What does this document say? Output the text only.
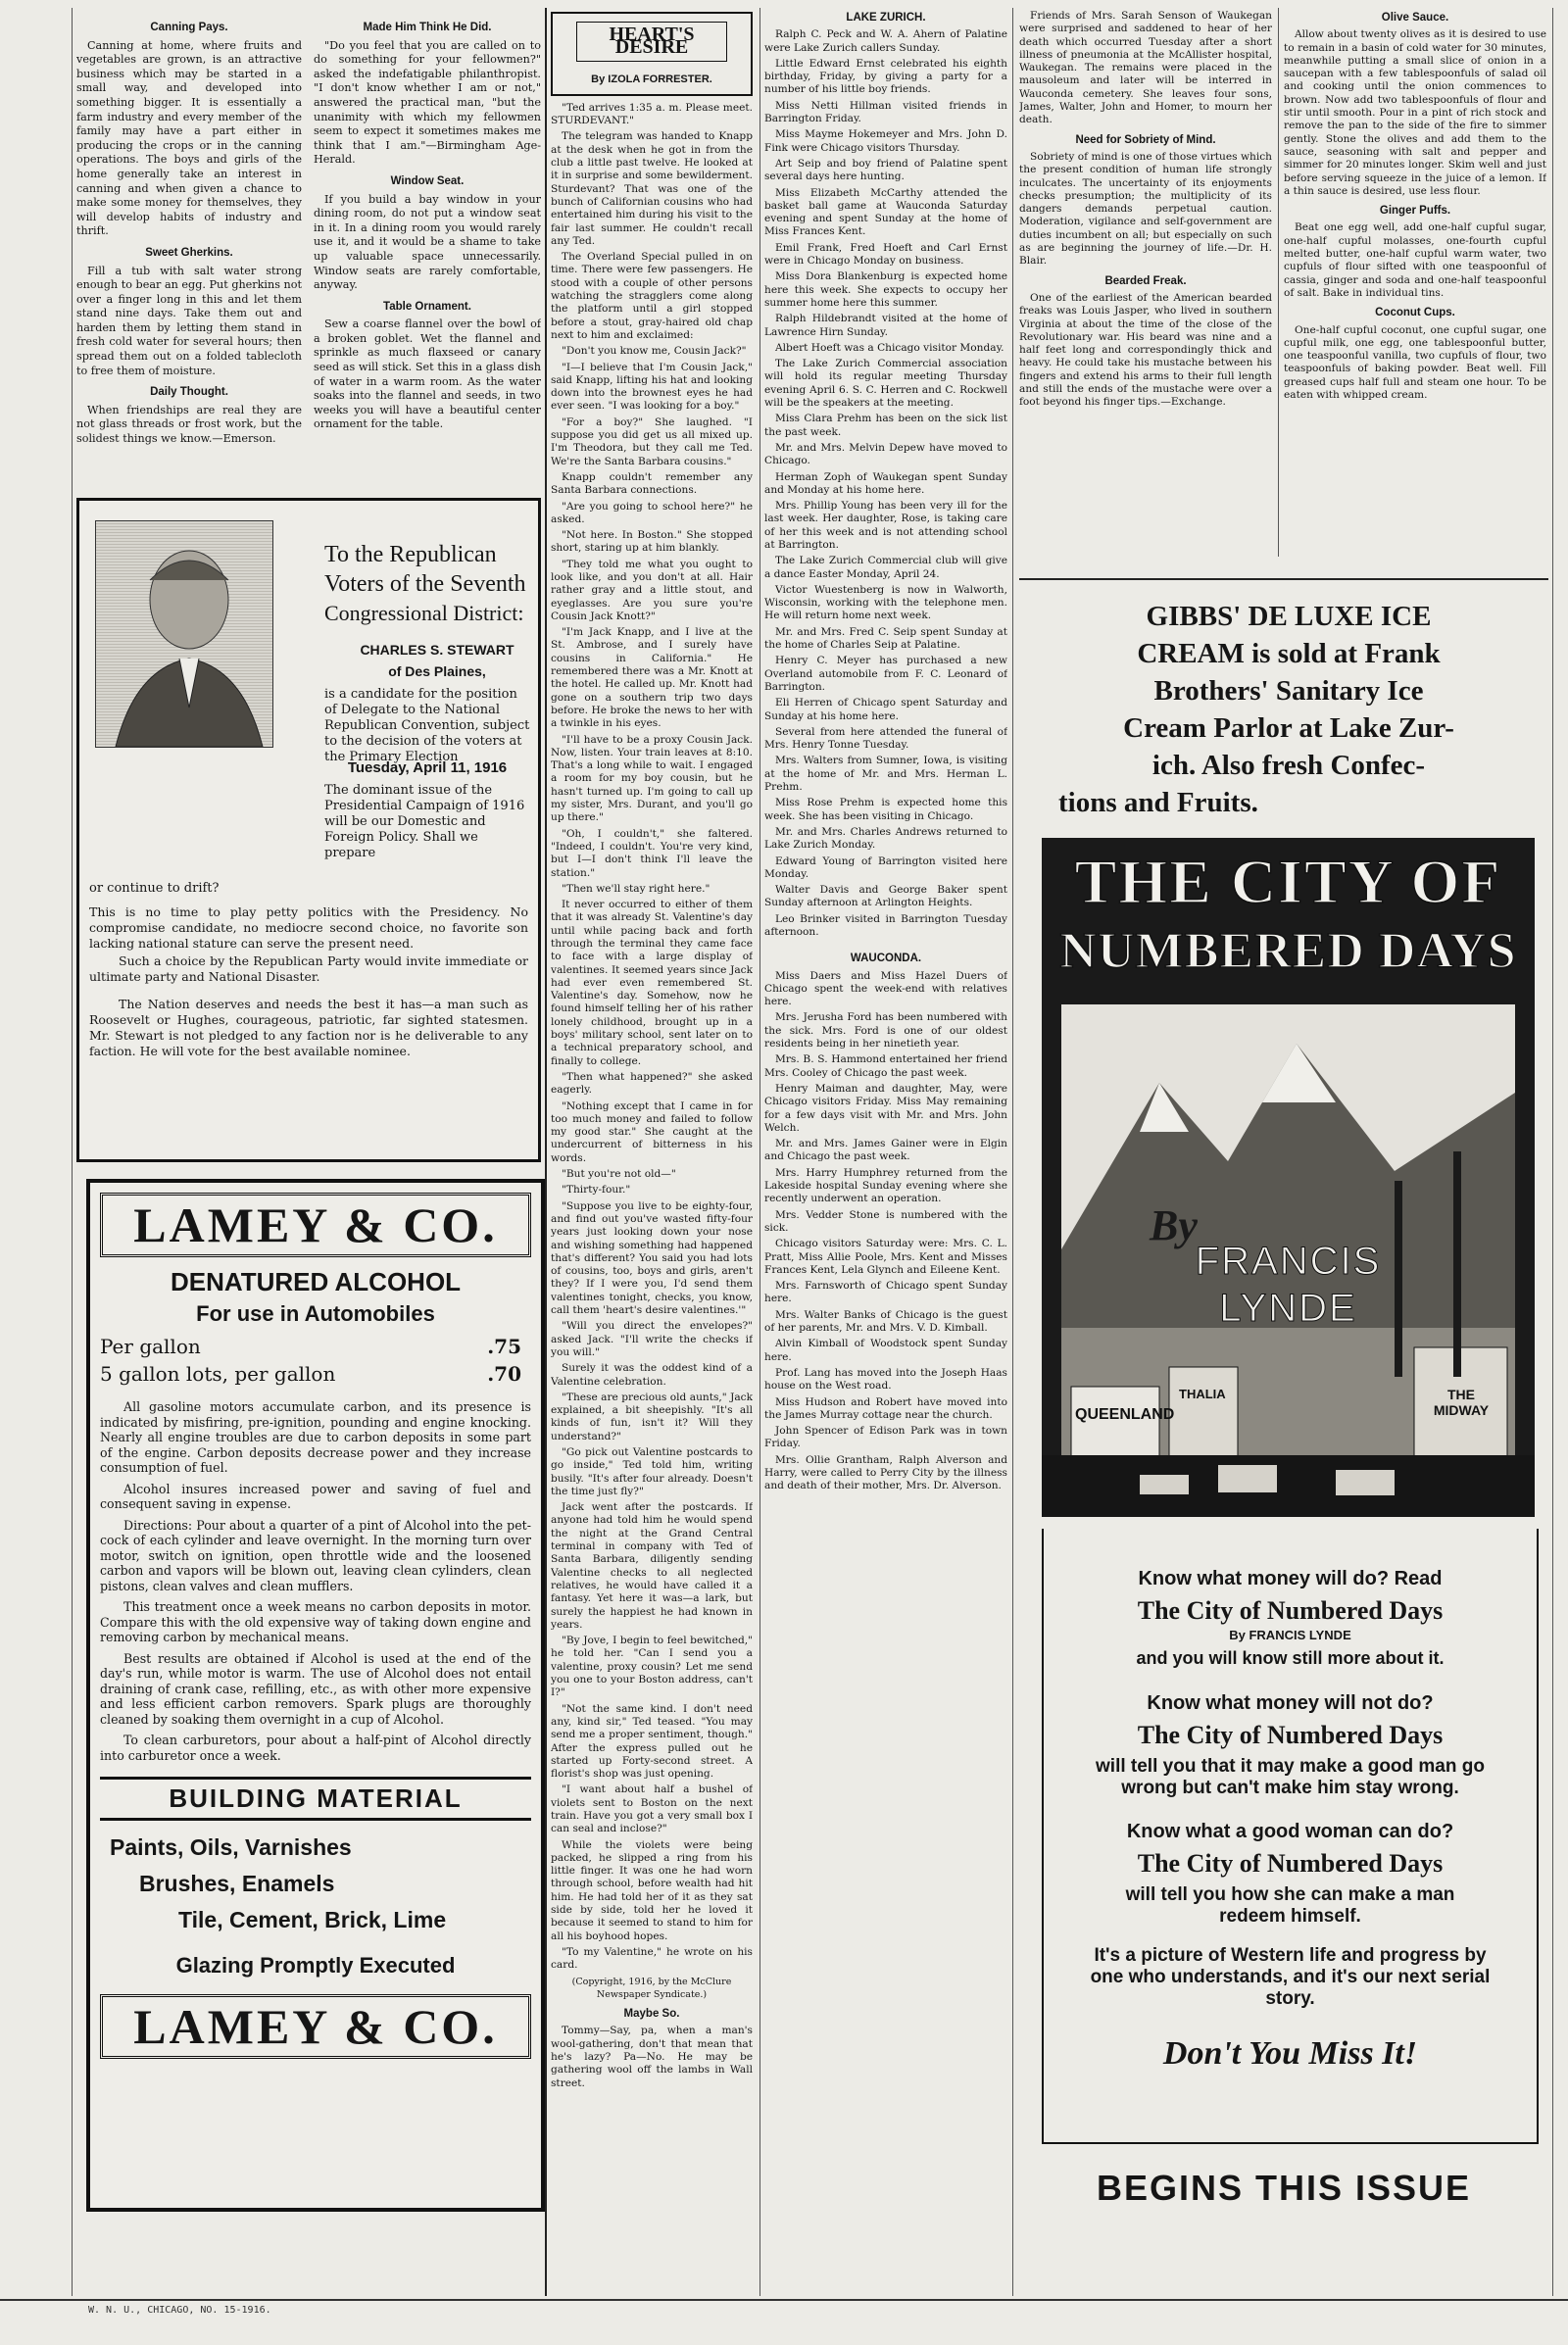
Canning Pays.

Canning at home, where fruits and vegetables are grown, is an attractive business which may be started in a small way, and developed into something bigger. It is essentially a farm industry and every member of the family may have a part either in producing the crops or in the canning operations. The boys and girls of the home generally take an interest in canning and when given a chance to make some money for themselves, they will develop habits of industry and thrift.

Sweet Gherkins.

Fill a tub with salt water strong enough to bear an egg. Put gherkins not over a finger long in this and let them stand nine days. Take them out and harden them by letting them stand in fresh cold water for several hours; then spread them out on a folded tablecloth to free them of moisture.

Daily Thought.

When friendships are real they are not glass threads or frost work, but the solidest things we know.—Emerson.

Made Him Think He Did.

"Do you feel that you are called on to do something for your fellowmen?" asked the indefatigable philanthropist. "I don't know whether I am or not," answered the practical man, "but the unanimity with which my fellowmen seem to expect it sometimes makes me think that I am."—Birmingham Age-Herald.

Window Seat.

If you build a bay window in your dining room, do not put a window seat in it. In a dining room you would rarely use it, and it would be a shame to take up valuable space unnecessarily. Window seats are rarely comfortable, anyway.

Table Ornament.

Sew a coarse flannel over the bowl of a broken goblet. Wet the flannel and sprinkle as much flaxseed or canary seed as will stick. Set this in a glass dish of water in a warm room. As the water soaks into the flannel and seeds, in two weeks you will have a beautiful center ornament for the table.

To the Republican
Voters of the Seventh
Congressional District:
CHARLES S. STEWART
of Des Plaines,
is a candidate for the position of Delegate to the National Republican Convention, subject to the decision of the voters at the Primary Election
Tuesday, April 11, 1916
The dominant issue of the Presidential Campaign of 1916 will be our Domestic and Foreign Policy. Shall we prepare
or continue to drift?
This is no time to play petty politics with the Presidency. No compromise candidate, no mediocre second choice, no favorite son lacking national stature can serve the present need.
Such a choice by the Republican Party would invite immediate or ultimate party and National Disaster.
The Nation deserves and needs the best it has—a man such as Roosevelt or Hughes, courageous, patriotic, far sighted statesmen. Mr. Stewart is not pledged to any faction nor is he deliverable to any faction. He will vote for the best available nominee.
LAMEY & CO.
DENATURED ALCOHOL
For use in Automobiles
Per gallon	.75
5 gallon lots, per gallon	.70

All gasoline motors accumulate carbon, and its presence is indicated by misfiring, pre-ignition, pounding and engine knocking. Nearly all engine troubles are due to carbon deposits in some part of the engine. Carbon deposits decrease power and they increase consumption of fuel.

Alcohol insures increased power and saving of fuel and consequent saving in expense.

Directions: Pour about a quarter of a pint of Alcohol into the pet-cock of each cylinder and leave overnight. In the morning turn over motor, switch on ignition, open throttle wide and the loosened carbon and vapors will be blown out, leaving clean cylinders, clean pistons, clean valves and clean mufflers.

This treatment once a week means no carbon deposits in motor. Compare this with the old expensive way of taking down engine and removing carbon by mechanical means.

Best results are obtained if Alcohol is used at the end of the day's run, while motor is warm. The use of Alcohol does not entail draining of crank case, refilling, etc., as with other more expensive and less efficient carbon removers. Spark plugs are thoroughly cleaned by soaking them overnight in a cup of Alcohol.

To clean carburetors, pour about a half-pint of Alcohol directly into carburetor once a week.

BUILDING MATERIAL
Paints, Oils, Varnishes
Brushes, Enamels
Tile, Cement, Brick, Lime
Glazing Promptly Executed
LAMEY & CO.
HEART'S DESIRE
By IZOLA FORRESTER.

"Ted arrives 1:35 a. m. Please meet. STURDEVANT."

The telegram was handed to Knapp at the desk when he got in from the club a little past twelve. He looked at it in surprise and some bewilderment. Sturdevant? That was one of the bunch of Californian cousins who had entertained him during his visit to the fair last summer. He couldn't recall any Ted.

The Overland Special pulled in on time. There were few passengers. He stood with a couple of other persons watching the stragglers come along the platform until a girl stopped before a stout, gray-haired old chap next to him and exclaimed:

"Don't you know me, Cousin Jack?"

"I—I believe that I'm Cousin Jack," said Knapp, lifting his hat and looking down into the brownest eyes he had ever seen. "I was looking for a boy."

"For a boy?" She laughed. "I suppose you did get us all mixed up. I'm Theodora, but they call me Ted. We're the Santa Barbara cousins."

Knapp couldn't remember any Santa Barbara connections.

"Are you going to school here?" he asked.

"Not here. In Boston." She stopped short, staring up at him blankly.

"They told me what you ought to look like, and you don't at all. Hair rather gray and a little stout, and eyeglasses. Are you sure you're Cousin Jack Knott?"

"I'm Jack Knapp, and I live at the St. Ambrose, and I surely have cousins in California." He remembered there was a Mr. Knott at the hotel. He called up. Mr. Knott had gone on a southern trip two days before. He broke the news to her with a twinkle in his eyes.

"I'll have to be a proxy Cousin Jack. Now, listen. Your train leaves at 8:10. That's a long while to wait. I engaged a room for my boy cousin, but he hasn't turned up. I'm going to call up my sister, Mrs. Durant, and you'll go up there."

"Oh, I couldn't," she faltered. "Indeed, I couldn't. You're very kind, but I—I don't think I'll leave the station."

"Then we'll stay right here."

It never occurred to either of them that it was already St. Valentine's day until while pacing back and forth through the terminal they came face to face with a large display of valentines. It seemed years since Jack had ever even remembered St. Valentine's day. Somehow, now he found himself telling her of his rather lonely childhood, brought up in a boys' military school, sent later on to a technical preparatory school, and finally to college.

"Then what happened?" she asked eagerly.

"Nothing except that I came in for too much money and failed to follow my good star." She caught at the undercurrent of bitterness in his words.

"But you're not old—"

"Thirty-four."

"Suppose you live to be eighty-four, and find out you've wasted fifty-four years just looking down your nose and wishing something had happened that's different? You said you had lots of cousins, too, boys and girls, aren't they? If I were you, I'd send them valentines tonight, checks, you know, call them 'heart's desire valentines.'"

"Will you direct the envelopes?" asked Jack. "I'll write the checks if you will."

Surely it was the oddest kind of a Valentine celebration.

"These are precious old aunts," Jack explained, a bit sheepishly. "It's all kinds of fun, isn't it? Will they understand?"

"Go pick out Valentine postcards to go inside," Ted told him, writing busily. "It's after four already. Doesn't the time just fly?"

Jack went after the postcards. If anyone had told him he would spend the night at the Grand Central terminal in company with Ted of Santa Barbara, diligently sending Valentine checks to all neglected relatives, he would have called it a fantasy. Yet here it was—a lark, but surely the happiest he had known in years.

"By Jove, I begin to feel bewitched," he told her. "Can I send you a valentine, proxy cousin? Let me send you one to your Boston address, can't I?"

"Not the same kind. I don't need any, kind sir," Ted teased. "You may send me a proper sentiment, though." After the express pulled out he started up Forty-second street. A florist's shop was just opening.

"I want about half a bushel of violets sent to Boston on the next train. Have you got a very small box I can seal and inclose?"

While the violets were being packed, he slipped a ring from his little finger. It was one he had worn through school, before wealth had hit him. He had told her of it as they sat side by side, told her he loved it because it seemed to stand to him for all his boyhood hopes.

"To my Valentine," he wrote on his card.

(Copyright, 1916, by the McClure Newspaper Syndicate.)
Maybe So.

Tommy—Say, pa, when a man's wool-gathering, don't that mean that he's lazy? Pa—No. He may be gathering wool off the lambs in Wall street.

LAKE ZURICH.

Ralph C. Peck and W. A. Ahern of Palatine were Lake Zurich callers Sunday.

Little Edward Ernst celebrated his eighth birthday, Friday, by giving a party for a number of his little boy friends.

Miss Netti Hillman visited friends in Barrington Friday.

Miss Mayme Hokemeyer and Mrs. John D. Fink were Chicago visitors Thursday.

Art Seip and boy friend of Palatine spent several days here hunting.

Miss Elizabeth McCarthy attended the basket ball game at Wauconda Saturday evening and spent Sunday at the home of Miss Frances Kent.

Emil Frank, Fred Hoeft and Carl Ernst were in Chicago Monday on business.

Miss Dora Blankenburg is expected home here this week. She expects to occupy her summer home here this summer.

Ralph Hildebrandt visited at the home of Lawrence Hirn Sunday.

Albert Hoeft was a Chicago visitor Monday.

The Lake Zurich Commercial association will hold its regular meeting Thursday evening April 6. S. C. Herren and C. Rockwell will be the speakers at the meeting.

Miss Clara Prehm has been on the sick list the past week.

Mr. and Mrs. Melvin Depew have moved to Chicago.

Herman Zoph of Waukegan spent Sunday and Monday at his home here.

Mrs. Phillip Young has been very ill for the last week. Her daughter, Rose, is taking care of her this week and is not attending school at Barrington.

The Lake Zurich Commercial club will give a dance Easter Monday, April 24.

Victor Wuestenberg is now in Walworth, Wisconsin, working with the telephone men. He will return home next week.

Mr. and Mrs. Fred C. Seip spent Sunday at the home of Charles Seip at Palatine.

Henry C. Meyer has purchased a new Overland automobile from F. C. Leonard of Barrington.

Eli Herren of Chicago spent Saturday and Sunday at his home here.

Several from here attended the funeral of Mrs. Henry Tonne Tuesday.

Mrs. Walters from Sumner, Iowa, is visiting at the home of Mr. and Mrs. Herman L. Prehm.

Miss Rose Prehm is expected home this week. She has been visiting in Chicago.

Mr. and Mrs. Charles Andrews returned to Lake Zurich Monday.

Edward Young of Barrington visited here Monday.

Walter Davis and George Baker spent Sunday afternoon at Arlington Heights.

Leo Brinker visited in Barrington Tuesday afternoon.

WAUCONDA.

Miss Daers and Miss Hazel Duers of Chicago spent the week-end with relatives here.

Mrs. Jerusha Ford has been numbered with the sick. Mrs. Ford is one of our oldest residents being in her ninetieth year.

Mrs. B. S. Hammond entertained her friend Mrs. Cooley of Chicago the past week.

Henry Maiman and daughter, May, were Chicago visitors Friday. Miss May remaining for a few days visit with Mr. and Mrs. John Welch.

Mr. and Mrs. James Gainer were in Elgin and Chicago the past week.

Mrs. Harry Humphrey returned from the Lakeside hospital Sunday evening where she recently underwent an operation.

Mrs. Vedder Stone is numbered with the sick.

Chicago visitors Saturday were: Mrs. C. L. Pratt, Miss Allie Poole, Mrs. Kent and Misses Frances Kent, Lela Glynch and Eileene Kent.

Mrs. Farnsworth of Chicago spent Sunday here.

Mrs. Walter Banks of Chicago is the guest of her parents, Mr. and Mrs. V. D. Kimball.

Alvin Kimball of Woodstock spent Sunday here.

Prof. Lang has moved into the Joseph Haas house on the West road.

Miss Hudson and Robert have moved into the James Murray cottage near the church.

John Spencer of Edison Park was in town Friday.

Mrs. Ollie Grantham, Ralph Alverson and Harry, were called to Perry City by the illness and death of their mother, Mrs. Dr. Alverson.

Friends of Mrs. Sarah Senson of Waukegan were surprised and saddened to hear of her death which occurred Tuesday after a short illness of pneumonia at the McAllister hospital, Waukegan. The remains were placed in the mausoleum and later will be interred in Wauconda cemetery. She leaves four sons, James, Walter, John and Homer, to mourn her death.

Need for Sobriety of Mind.

Sobriety of mind is one of those virtues which the present condition of human life strongly inculcates. The uncertainty of its enjoyments checks presumption; the multiplicity of its dangers demands perpetual caution. Moderation, vigilance and self-government are duties incumbent on all; but especially on such as are beginning the journey of life.—Dr. H. Blair.

Bearded Freak.

One of the earliest of the American bearded freaks was Louis Jasper, who lived in southern Virginia at about the time of the close of the Revolutionary war. His beard was nine and a half feet long and correspondingly thick and heavy. He could take his mustache between his fingers and extend his arms to their full length and still the ends of the mustache were over a foot beyond his finger tips.—Exchange.

Olive Sauce.

Allow about twenty olives as it is desired to use to remain in a basin of cold water for 30 minutes, meanwhile putting a small slice of onion in a saucepan with a few tablespoonfuls of salad oil and cooking until the onion commences to brown. Now add two tablespoonfuls of flour and stir until smooth. Pour in a pint of rich stock and remove the pan to the side of the fire to simmer gently. Stone the olives and add them to the sauce, seasoning with salt and pepper and simmer for 20 minutes longer. Skim well and just before serving squeeze in the juice of a lemon. If a thin sauce is desired, use less flour.

Ginger Puffs.

Beat one egg well, add one-half cupful sugar, one-half cupful molasses, one-fourth cupful melted butter, one-half cupful warm water, two cupfuls of flour sifted with one teaspoonful of cassia, ginger and soda and one-half teaspoonful of salt. Bake in individual tins.

Coconut Cups.

One-half cupful coconut, one cupful sugar, one cupful milk, one egg, one tablespoonful butter, one teaspoonful vanilla, two cupfuls of flour, two teaspoonfuls of baking powder. Beat well. Fill greased cups half full and steam one hour. To be eaten with whipped cream.

GIBBS' DE LUXE ICE
CREAM is sold at Frank
Brothers' Sanitary Ice
Cream Parlor at Lake Zur-
ich. Also fresh Confec-
tions and Fruits.
THE CITY OF
NUMBERED DAYS
By
FRANCIS
LYNDE
QUEENLAND
THALIA	THE MIDWAY
Know what money will do? Read
The City of Numbered Days
By FRANCIS LYNDE
and you will know still more about it.
Know what money will not do?
The City of Numbered Days
will tell you that it may make a good man go wrong but can't make him stay wrong.
Know what a good woman can do?
The City of Numbered Days
will tell you how she can make a man redeem himself.
It's a picture of Western life and progress by one who understands, and it's our next serial story.
Don't You Miss It!
BEGINS THIS ISSUE
W. N. U., CHICAGO, NO. 15-1916.
